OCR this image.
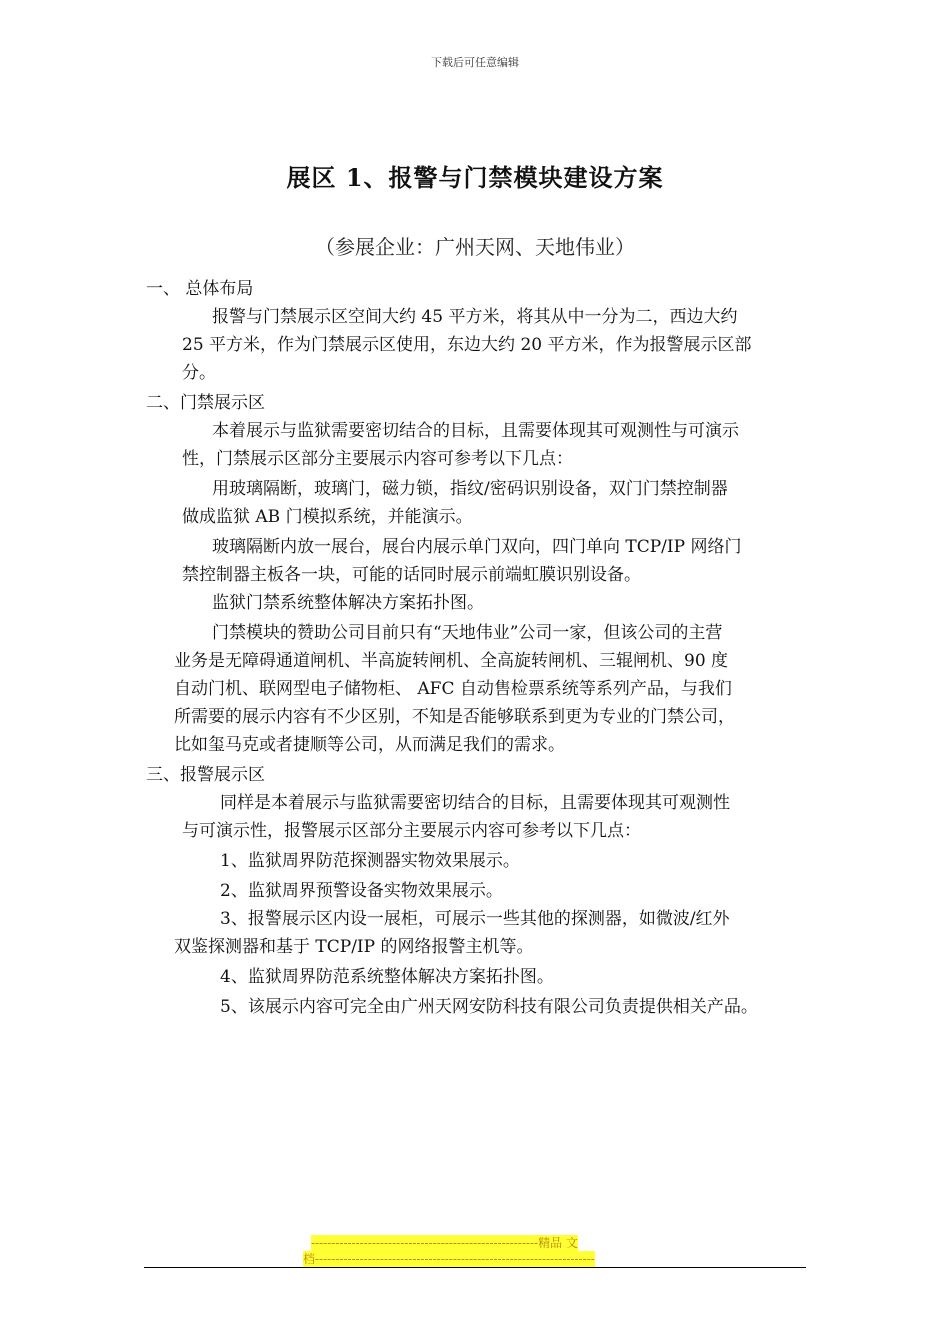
下载后可任意编辑
展区 1、报警与门禁模块建设方案
（参展企业：广州天网、天地伟业）
一、 总体布局
报警与门禁展示区空间大约 45 平方米，将其从中一分为二，西边大约
25 平方米，作为门禁展示区使用，东边大约 20 平方米，作为报警展示区部
分。
二、门禁展示区
本着展示与监狱需要密切结合的目标，且需要体现其可观测性与可演示
性，门禁展示区部分主要展示内容可参考以下几点：
用玻璃隔断，玻璃门，磁力锁，指纹/密码识别设备，双门门禁控制器
做成监狱 AB 门模拟系统，并能演示。
玻璃隔断内放一展台，展台内展示单门双向，四门单向 TCP/IP 网络门
禁控制器主板各一块，可能的话同时展示前端虹膜识别设备。
监狱门禁系统整体解决方案拓扑图。
门禁模块的赞助公司目前只有“天地伟业”公司一家，但该公司的主营
业务是无障碍通道闸机、半高旋转闸机、全高旋转闸机、三辊闸机、90 度
自动门机、联网型电子储物柜、 AFC 自动售检票系统等系列产品，与我们
所需要的展示内容有不少区别，不知是否能够联系到更为专业的门禁公司，
比如玺马克或者捷顺等公司，从而满足我们的需求。
三、报警展示区
同样是本着展示与监狱需要密切结合的目标，且需要体现其可观测性
与可演示性，报警展示区部分主要展示内容可参考以下几点：
1、监狱周界防范探测器实物效果展示。
2、监狱周界预警设备实物效果展示。
3、报警展示区内设一展柜，可展示一些其他的探测器，如微波/红外
双鉴探测器和基于 TCP/IP 的网络报警主机等。
4、监狱周界防范系统整体解决方案拓扑图。
5、该展示内容可完全由广州天网安防科技有限公司负责提供相关产品。
--------------------------------------------------------精品 文
档---------------------------------------------------------------------
